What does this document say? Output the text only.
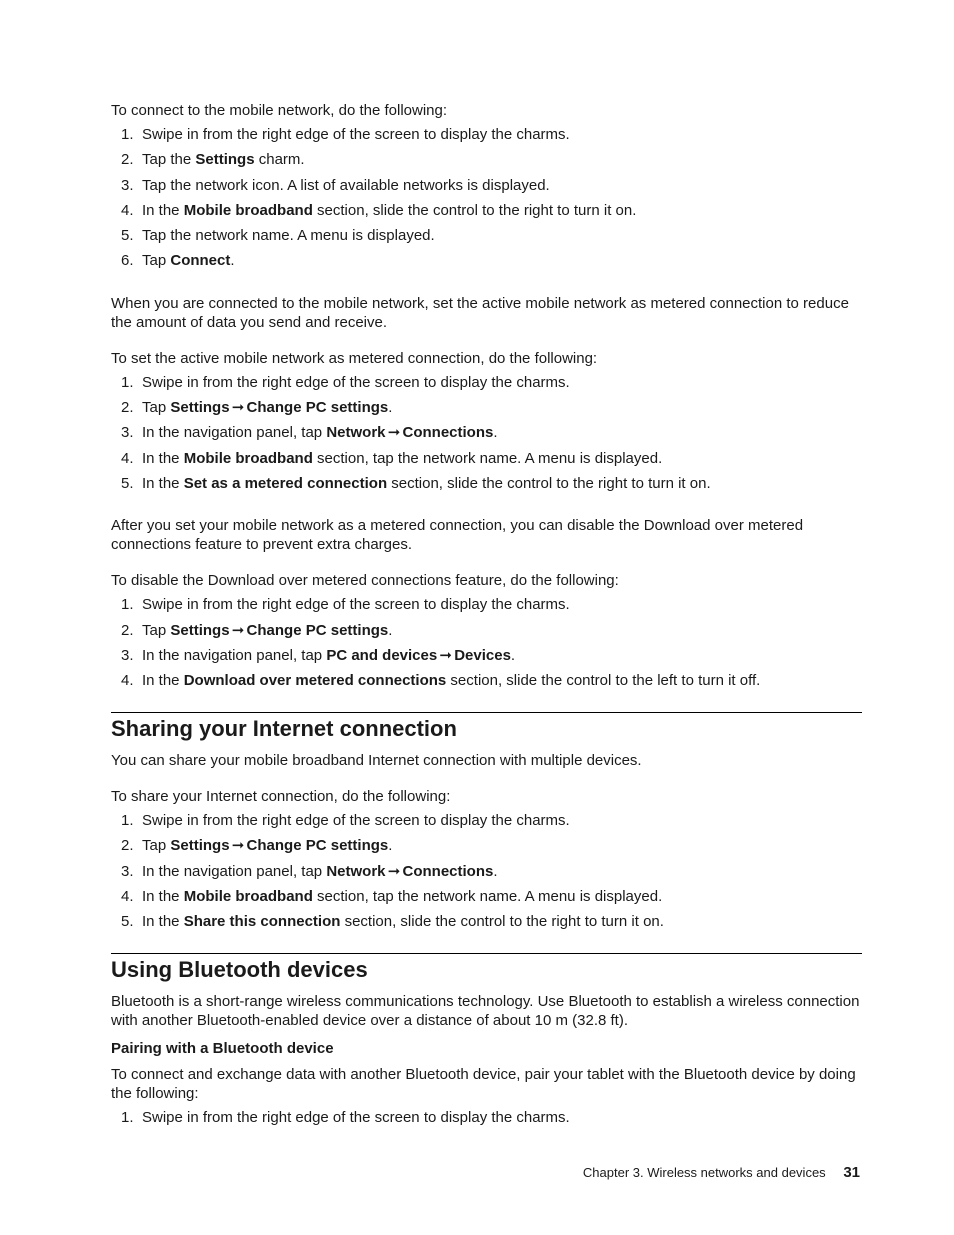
To connect to the mobile network, do the following:

1. Swipe in from the right edge of the screen to display the charms.
2. Tap the Settings charm.
3. Tap the network icon. A list of available networks is displayed.
4. In the Mobile broadband section, slide the control to the right to turn it on.
5. Tap the network name. A menu is displayed.
6. Tap Connect.

When you are connected to the mobile network, set the active mobile network as metered connection to reduce the amount of data you send and receive.

To set the active mobile network as metered connection, do the following:

1. Swipe in from the right edge of the screen to display the charms.
2. Tap Settings ➞ Change PC settings.
3. In the navigation panel, tap Network ➞ Connections.
4. In the Mobile broadband section, tap the network name. A menu is displayed.
5. In the Set as a metered connection section, slide the control to the right to turn it on.

After you set your mobile network as a metered connection, you can disable the Download over metered connections feature to prevent extra charges.

To disable the Download over metered connections feature, do the following:

1. Swipe in from the right edge of the screen to display the charms.
2. Tap Settings ➞ Change PC settings.
3. In the navigation panel, tap PC and devices ➞ Devices.
4. In the Download over metered connections section, slide the control to the left to turn it off.
Sharing your Internet connection

You can share your mobile broadband Internet connection with multiple devices.

To share your Internet connection, do the following:

1. Swipe in from the right edge of the screen to display the charms.
2. Tap Settings ➞ Change PC settings.
3. In the navigation panel, tap Network ➞ Connections.
4. In the Mobile broadband section, tap the network name. A menu is displayed.
5. In the Share this connection section, slide the control to the right to turn it on.
Using Bluetooth devices

Bluetooth is a short-range wireless communications technology. Use Bluetooth to establish a wireless connection with another Bluetooth-enabled device over a distance of about 10 m (32.8 ft).

Pairing with a Bluetooth device

To connect and exchange data with another Bluetooth device, pair your tablet with the Bluetooth device by doing the following:

1. Swipe in from the right edge of the screen to display the charms.
Chapter 3. Wireless networks and devices 31
